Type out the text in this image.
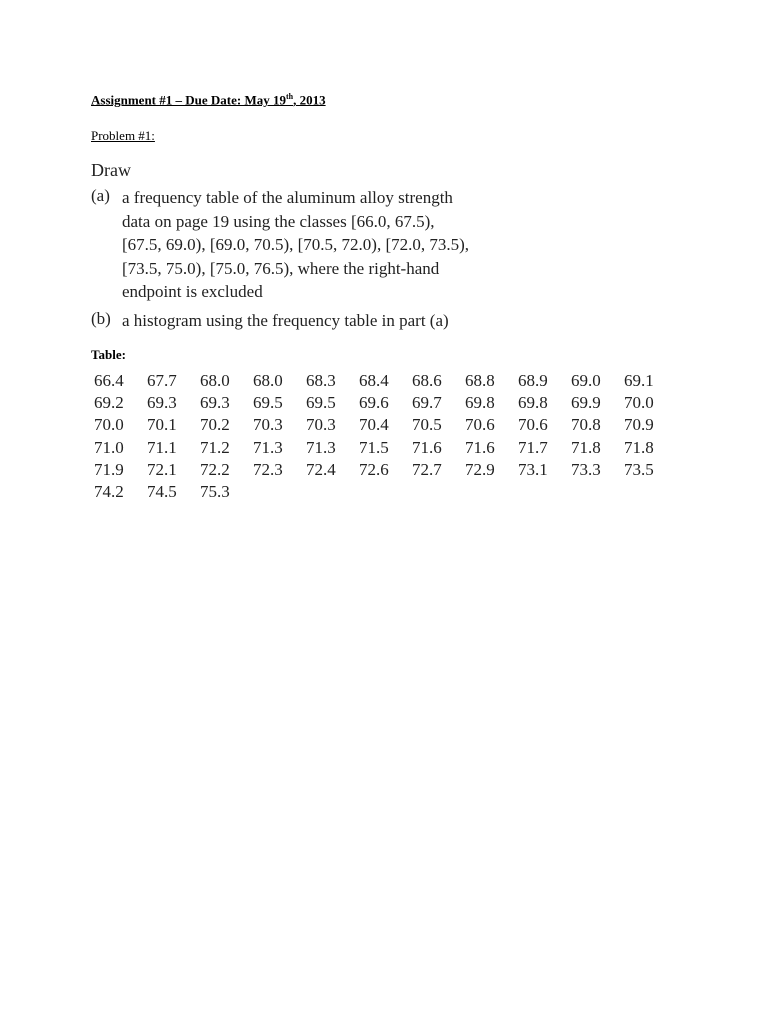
Assignment #1 – Due Date: May 19th, 2013
Problem #1:
Draw
(a) a frequency table of the aluminum alloy strength
data on page 19 using the classes [66.0, 67.5),
[67.5, 69.0), [69.0, 70.5), [70.5, 72.0), [72.0, 73.5),
[73.5, 75.0), [75.0, 76.5), where the right-hand
endpoint is excluded
(b) a histogram using the frequency table in part (a)
Table:
66.4	67.7	68.0	68.0	68.3	68.4	68.6	68.8	68.9	69.0	69.1
69.2	69.3	69.3	69.5	69.5	69.6	69.7	69.8	69.8	69.9	70.0
70.0	70.1	70.2	70.3	70.3	70.4	70.5	70.6	70.6	70.8	70.9
71.0	71.1	71.2	71.3	71.3	71.5	71.6	71.6	71.7	71.8	71.8
71.9	72.1	72.2	72.3	72.4	72.6	72.7	72.9	73.1	73.3	73.5
74.2	74.5	75.3
